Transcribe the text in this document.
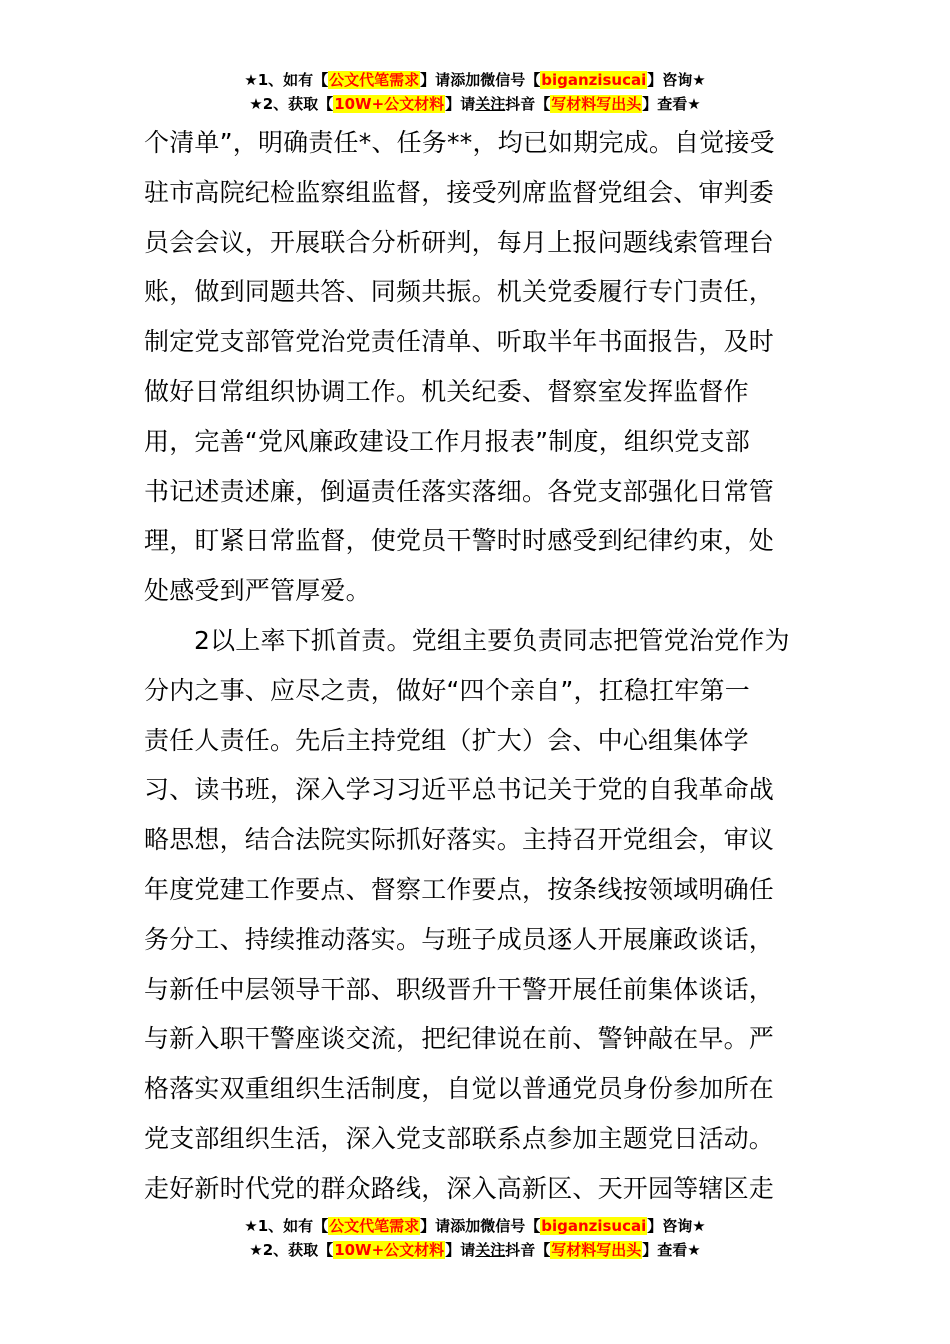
★1、如有【公文代笔需求】请添加微信号【biganzisucai】咨询★
★2、获取【10W+公文材料】请关注抖音【写材料写出头】查看★
个清单”，明确责任*、任务**，均已如期完成。自觉接受
驻市高院纪检监察组监督，接受列席监督党组会、审判委
员会会议，开展联合分析研判，每月上报问题线索管理台
账，做到同题共答、同频共振。机关党委履行专门责任，
制定党支部管党治党责任清单、听取半年书面报告，及时
做好日常组织协调工作。机关纪委、督察室发挥监督作
用，完善“党风廉政建设工作月报表”制度，组织党支部
书记述责述廉，倒逼责任落实落细。各党支部强化日常管
理，盯紧日常监督，使党员干警时时感受到纪律约束，处
处感受到严管厚爱。
2以上率下抓首责。党组主要负责同志把管党治党作为
分内之事、应尽之责，做好“四个亲自”，扛稳扛牢第一
责任人责任。先后主持党组（扩大）会、中心组集体学
习、读书班，深入学习习近平总书记关于党的自我革命战
略思想，结合法院实际抓好落实。主持召开党组会，审议
年度党建工作要点、督察工作要点，按条线按领域明确任
务分工、持续推动落实。与班子成员逐人开展廉政谈话，
与新任中层领导干部、职级晋升干警开展任前集体谈话，
与新入职干警座谈交流，把纪律说在前、警钟敲在早。严
格落实双重组织生活制度，自觉以普通党员身份参加所在
党支部组织生活，深入党支部联系点参加主题党日活动。
走好新时代党的群众路线，深入高新区、天开园等辖区走
★1、如有【公文代笔需求】请添加微信号【biganzisucai】咨询★
★2、获取【10W+公文材料】请关注抖音【写材料写出头】查看★
